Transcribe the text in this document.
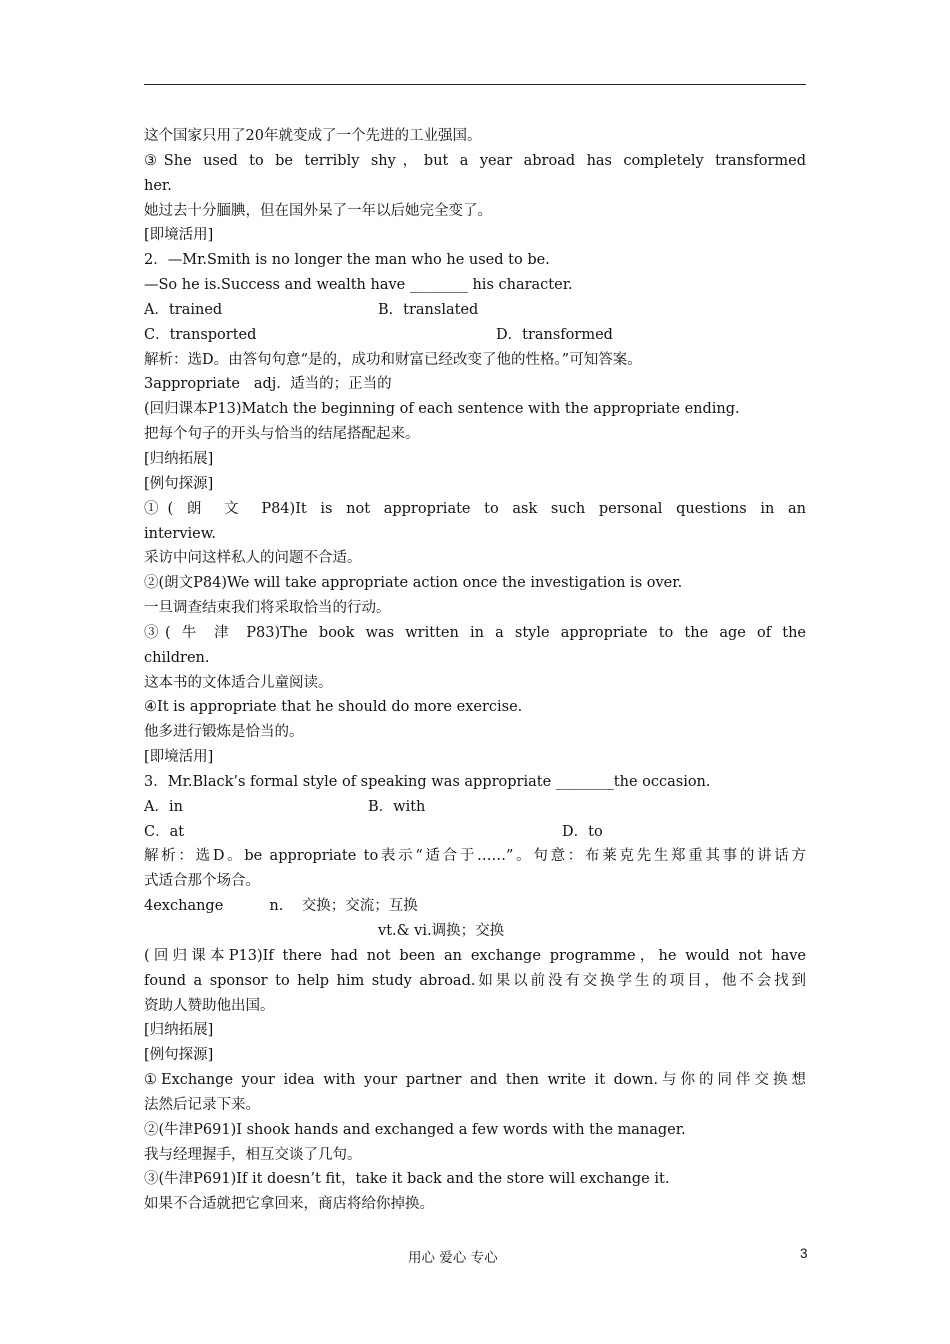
这个国家只用了20年就变成了一个先进的工业强国。
③She used to be terribly shy，but a year abroad has completely transformed
her.
她过去十分腼腆，但在国外呆了一年以后她完全变了。
[即境活用]
2．—Mr.Smith is no longer the man who he used to be.
—So he is.Success and wealth have ________ his character.

A．trained

	B．translated

C．transported

	D．transformed

解析：选D。由答句句意“是的，成功和财富已经改变了他的性格。”可知答案。
3appropriate   adj.  适当的；正当的
(回归课本P13)Match the beginning of each sentence with the appropriate ending.
把每个句子的开头与恰当的结尾搭配起来。
[归纳拓展]
[例句探源]
①( 朗 文 P84)It is not appropriate to ask such personal questions in an
interview.
采访中问这样私人的问题不合适。
②(朗文P84)We will take appropriate action once the investigation is over.
一旦调查结束我们将采取恰当的行动。
③( 牛 津 P83)The book was written in a style appropriate to the age of the
children.
这本书的文体适合儿童阅读。
④It is appropriate that he should do more exercise.
他多进行锻炼是恰当的。
[即境活用]
3．Mr.Black’s formal style of speaking was appropriate ________the occasion.

A．in

	B．with

C．at

	D．to

解析：选D。be appropriate to表示“适合于……”。句意：布莱克先生郑重其事的讲话方
式适合那个场合。
4exchange          n.    交换；交流；互换
vt.& vi.调换；交换
(回归课本P13)If there had not been an exchange programme，he would not have
found a sponsor to help him study abroad.如果以前没有交换学生的项目，他不会找到
资助人赞助他出国。
[归纳拓展]
[例句探源]
①Exchange your idea with your partner and then write it down.与你的同伴交换想
法然后记录下来。
②(牛津P691)I shook hands and exchanged a few words with the manager.
我与经理握手，相互交谈了几句。
③(牛津P691)If it doesn’t fit，take it back and the store will exchange it.
如果不合适就把它拿回来，商店将给你掉换。
用心 爱心 专心	3
